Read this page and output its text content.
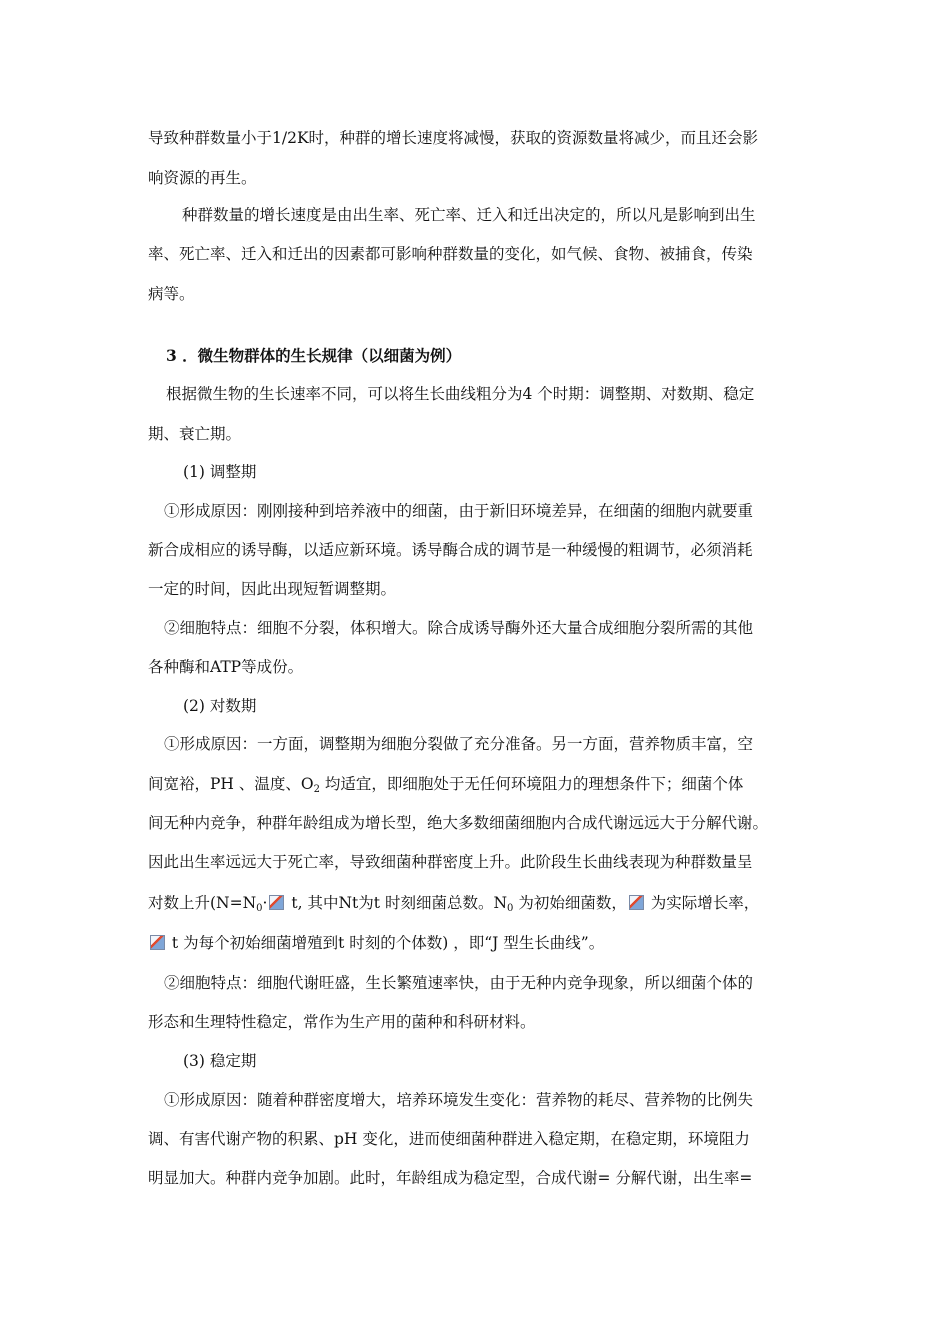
导致种群数量小于1/2K时，种群的增长速度将减慢，获取的资源数量将减少，而且还会影
响资源的再生。
种群数量的增长速度是由出生率、死亡率、迁入和迁出决定的，所以凡是影响到出生
率、死亡率、迁入和迁出的因素都可影响种群数量的变化，如气候、食物、被捕食，传染
病等。
3 ．微生物群体的生长规律（以细菌为例）
根据微生物的生长速率不同，可以将生长曲线粗分为4 个时期：调整期、对数期、稳定
期、衰亡期。
(1) 调整期
①形成原因：刚刚接种到培养液中的细菌，由于新旧环境差异，在细菌的细胞内就要重
新合成相应的诱导酶，以适应新环境。诱导酶合成的调节是一种缓慢的粗调节，必须消耗
一定的时间，因此出现短暂调整期。
②细胞特点：细胞不分裂，体积增大。除合成诱导酶外还大量合成细胞分裂所需的其他
各种酶和ATP等成份。
(2) 对数期
①形成原因：一方面，调整期为细胞分裂做了充分准备。另一方面，营养物质丰富，空
间宽裕，PH 、温度、$O_2$ 均适宜，即细胞处于无任何环境阻力的理想条件下；细菌个体
间无种内竞争，种群年龄组成为增长型，绝大多数细菌细胞内合成代谢远远大于分解代谢。
因此出生率远远大于死亡率，导致细菌种群密度上升。此阶段生长曲线表现为种群数量呈
对数上升($N=N_0\cdot t$, 其中Nt为t 时刻细菌总数。$N_0$ 为初始细菌数， 为实际增长率，
t 为每个初始细菌增殖到t 时刻的个体数) ，即“J 型生长曲线”。
②细胞特点：细胞代谢旺盛，生长繁殖速率快，由于无种内竞争现象，所以细菌个体的
形态和生理特性稳定，常作为生产用的菌种和科研材料。
(3) 稳定期
①形成原因：随着种群密度增大，培养环境发生变化：营养物的耗尽、营养物的比例失
调、有害代谢产物的积累、pH 变化，进而使细菌种群进入稳定期，在稳定期，环境阻力
明显加大。种群内竞争加剧。此时，年龄组成为稳定型，合成代谢= 分解代谢，出生率=
